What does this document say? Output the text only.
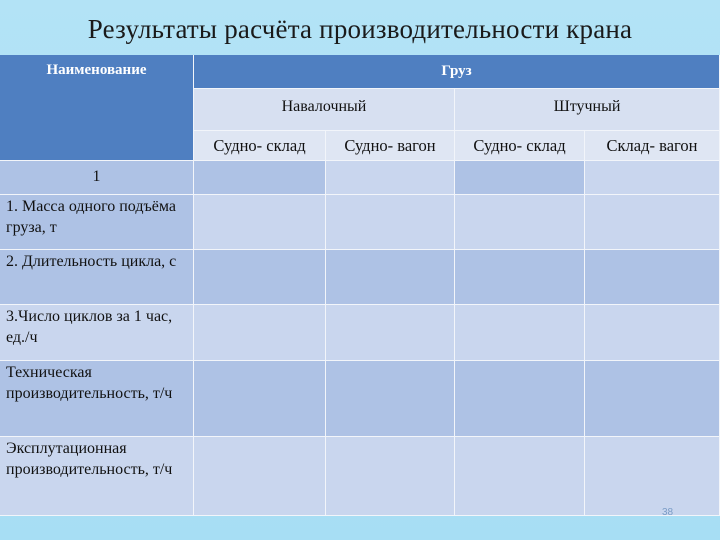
Результаты расчёта производительности крана
Наименование	Груз
Навалочный	Штучный
Судно- склад	Судно- вагон	Судно- склад	Склад- вагон
1
1. Масса одного подъёма груза, т
2. Длительность цикла, с
3.Число циклов за 1 час, ед./ч
Техническая производительность, т/ч
Эксплутационная производительность, т/ч
38
